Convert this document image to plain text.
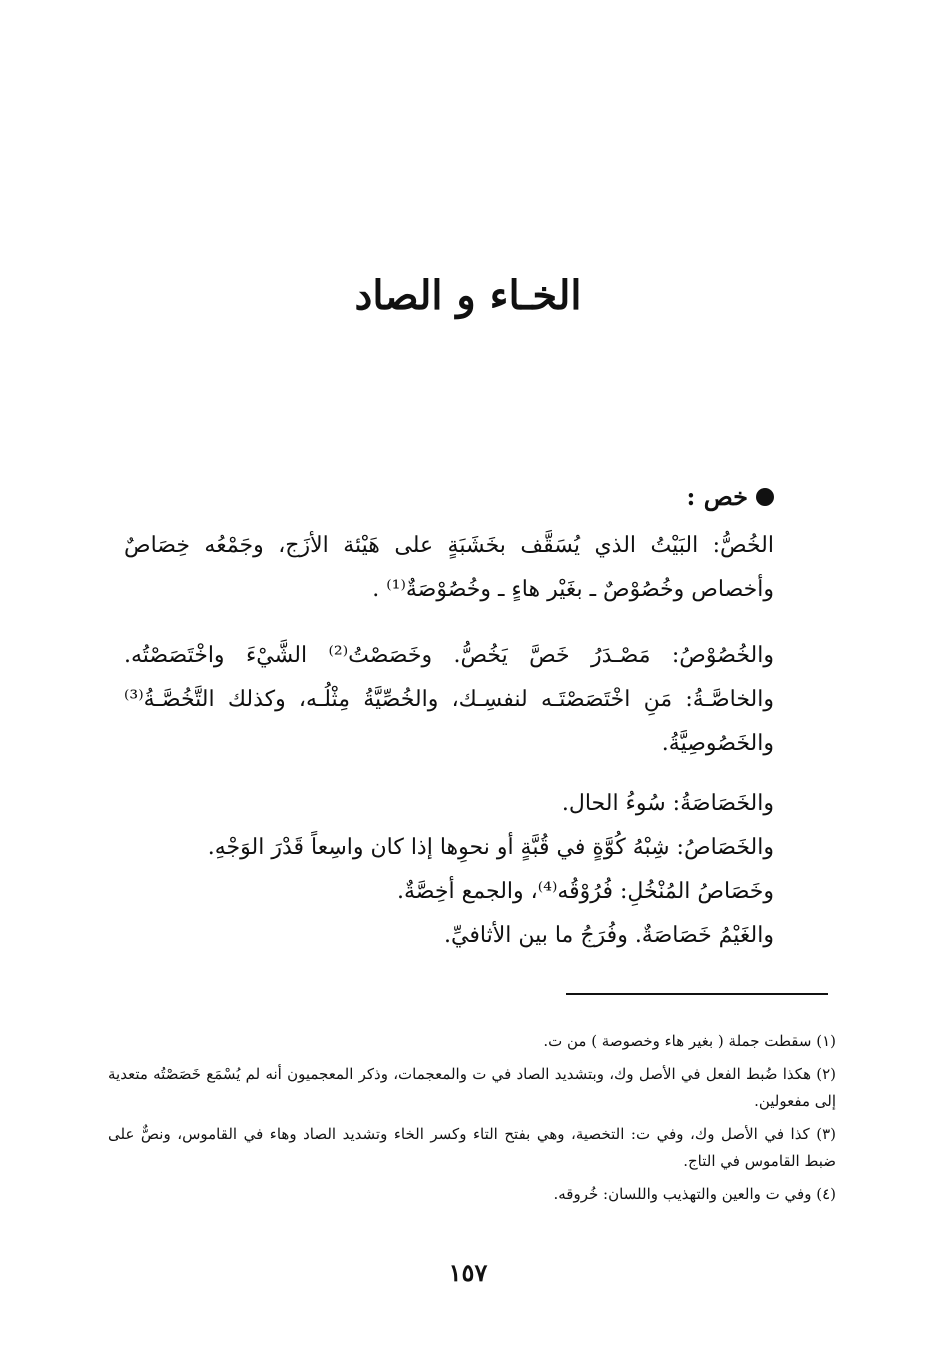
الخـاء و الصاد
خص :

الخُصُّ: البَيْتُ الذي يُسَقَّف بخَشَبَةٍ على هَيْئة الأزَج، وجَمْعُه خِصَاصٌ وأخصاص وخُصُوْصٌ ـ بغَيْر هاءٍ ـ وخُصُوْصَةٌ⁽¹⁾ .

والخُصُوْصُ: مَصْـدَرُ خَصَّ يَخُصُّ. وخَصَصْتُ⁽²⁾ الشَّيْءَ واخْتَصَصْتُه. والخاصَّـةُ: مَنِ اخْتَصَصْتَـه لنفسِـك، والخُصِّيَّةُ مِثْلُـه، وكذلك التَّخُصَّـةُ⁽³⁾ والخَصُوصِيَّةُ.

والخَصَاصَةُ: سُوءُ الحال.
والخَصَاصُ: شِبْهُ كُوَّةٍ في قُبَّةٍ أو نحوِها إذا كان واسِعاً قَدْرَ الوَجْهِ.
وخَصَاصُ المُنْخُلِ: فُرُوْقُه⁽⁴⁾، والجمع أخِصَّةٌ.
والغَيْمُ خَصَاصَةٌ. وفُرَجُ ما بين الأثافيِّ.

(١) سقطت جملة ( بغير هاء وخصوصة ) من ت.

(٢) هكذا ضُبط الفعل في الأصل وك، وبتشديد الصاد في ت والمعجمات، وذكر المعجميون أنه لم يُسْمَع خَصَصْتُه متعدية إلى مفعولين.

(٣) كذا في الأصل وك، وفي ت: التخصية، وهي بفتح التاء وكسر الخاء وتشديد الصاد وهاء في القاموس، ونصٌّ على ضبط القاموس في التاج.

(٤) وفي ت والعين والتهذيب واللسان: خُروقه.

١٥٧
